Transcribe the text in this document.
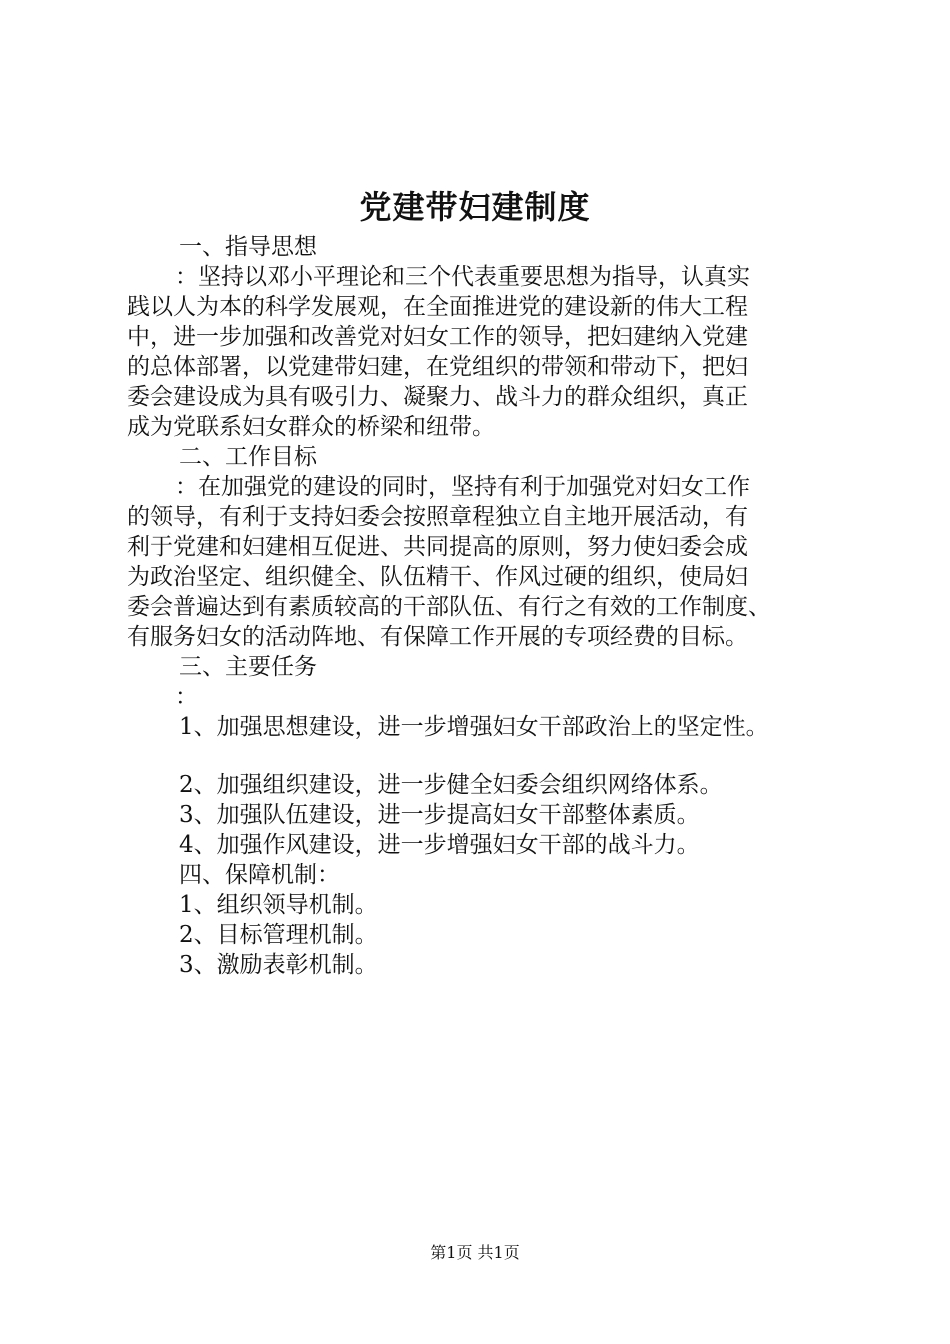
党建带妇建制度
一、指导思想
：坚持以邓小平理论和三个代表重要思想为指导，认真实
践以人为本的科学发展观，在全面推进党的建设新的伟大工程
中，进一步加强和改善党对妇女工作的领导，把妇建纳入党建
的总体部署，以党建带妇建，在党组织的带领和带动下，把妇
委会建设成为具有吸引力、凝聚力、战斗力的群众组织，真正
成为党联系妇女群众的桥梁和纽带。
二、工作目标
：在加强党的建设的同时，坚持有利于加强党对妇女工作
的领导，有利于支持妇委会按照章程独立自主地开展活动，有
利于党建和妇建相互促进、共同提高的原则，努力使妇委会成
为政治坚定、组织健全、队伍精干、作风过硬的组织，使局妇
委会普遍达到有素质较高的干部队伍、有行之有效的工作制度、
有服务妇女的活动阵地、有保障工作开展的专项经费的目标。
三、主要任务
：
1、加强思想建设，进一步增强妇女干部政治上的坚定性。
2、加强组织建设，进一步健全妇委会组织网络体系。
3、加强队伍建设，进一步提高妇女干部整体素质。
4、加强作风建设，进一步增强妇女干部的战斗力。
四、保障机制：
1、组织领导机制。
2、目标管理机制。
3、激励表彰机制。
第1页 共1页
